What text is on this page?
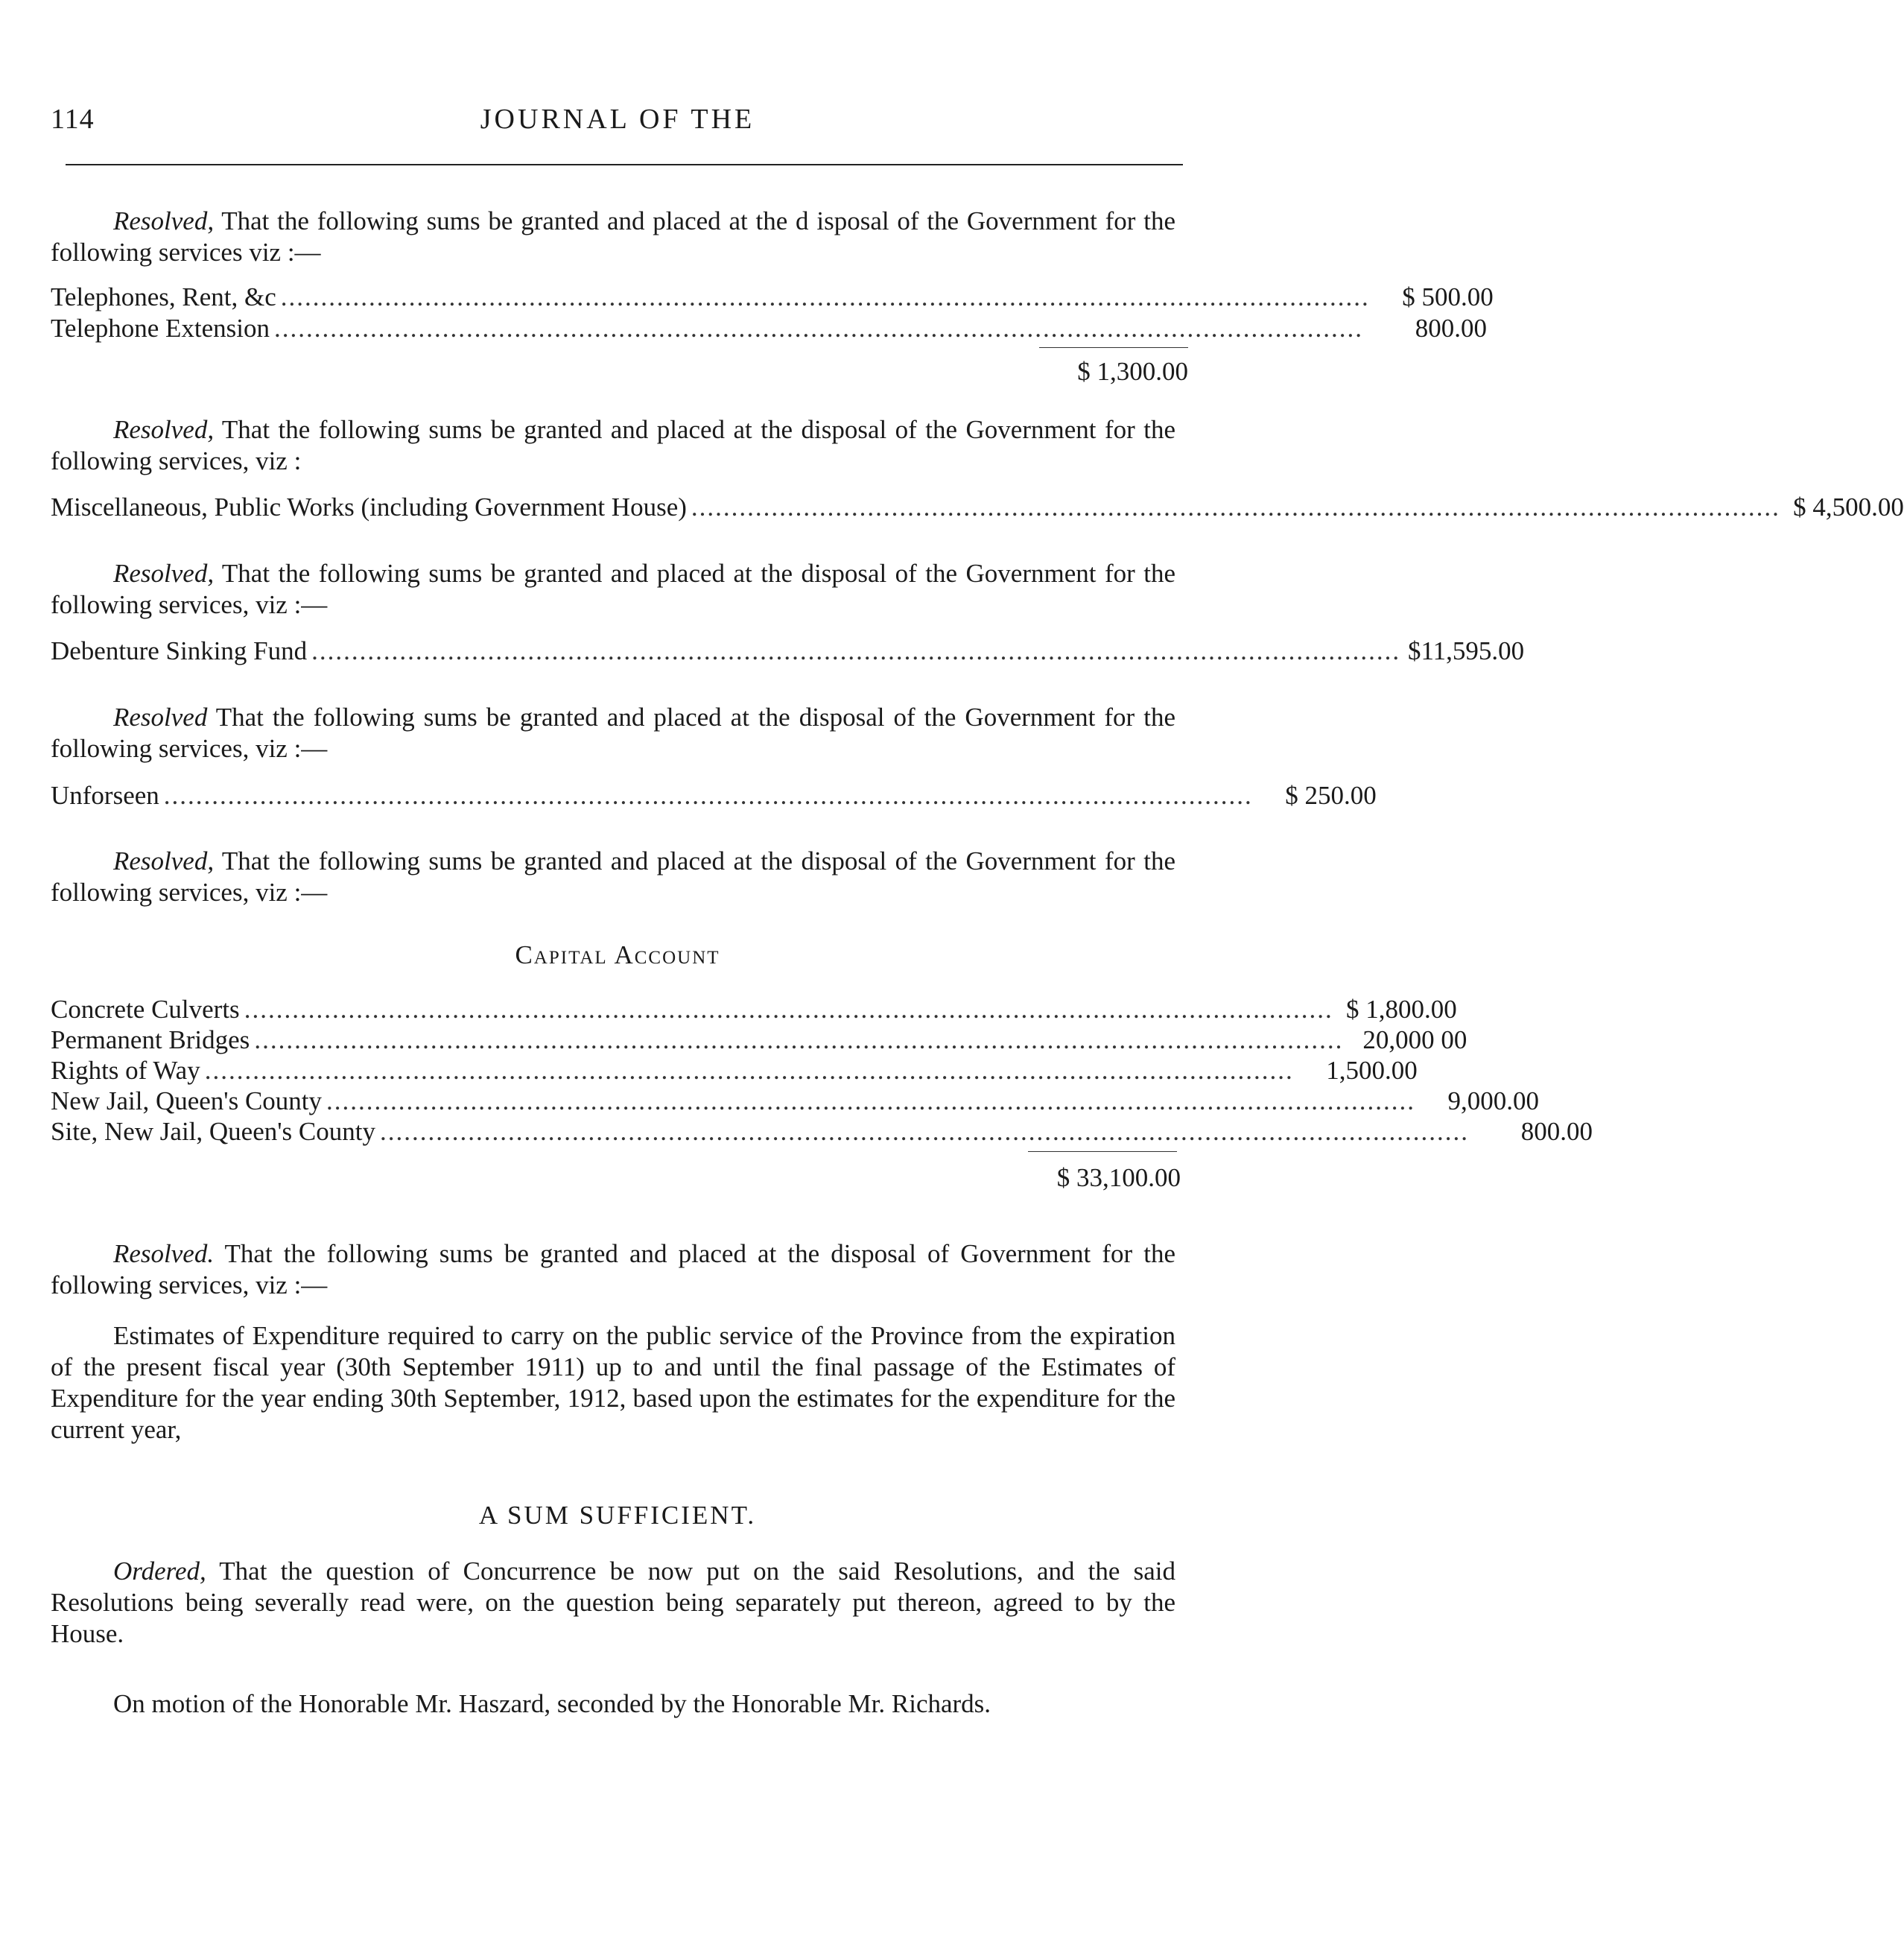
114	JOURNAL OF THE

Resolved, That the following sums be granted and placed at the d isposal of the Government for the following services viz :—

Telephones, Rent, &c ........................................................................................................................................	$ 500.00
Telephone Extension ........................................................................................................................................	800.00
$ 1,300.00

Resolved, That the following sums be granted and placed at the disposal of the Government for the following services, viz :

Miscellaneous, Public Works (including Government House) ........................................................................................................................................ $ 4,500.00

Resolved, That the following sums be granted and placed at the disposal of the Government for the following services, viz :—

Debenture Sinking Fund ........................................................................................................................................ $11,595.00

Resolved That the following sums be granted and placed at the disposal of the Government for the following services, viz :—

Unforseen ........................................................................................................................................	$ 250.00

Resolved, That the following sums be granted and placed at the disposal of the Government for the following services, viz :—

Capital Account
Concrete Culverts ........................................................................................................................................ $ 1,800.00
Permanent Bridges ........................................................................................................................................ 20,000 00
Rights of Way ........................................................................................................................................	1,500.00
New Jail, Queen's County ........................................................................................................................................	9,000.00
Site, New Jail, Queen's County ........................................................................................................................................	800.00
$ 33,100.00

Resolved. That the following sums be granted and placed at the disposal of Government for the following services, viz :—

Estimates of Expenditure required to carry on the public service of the Province from the expiration of the present fiscal year (30th September 1911) up to and until the final passage of the Estimates of Expenditure for the year ending 30th September, 1912, based upon the estimates for the expenditure for the current year,

A SUM SUFFICIENT.

Ordered, That the question of Concurrence be now put on the said Resolutions, and the said Resolutions being severally read were, on the question being separately put thereon, agreed to by the House.

On motion of the Honorable Mr. Haszard, seconded by the Honorable Mr. Richards.
